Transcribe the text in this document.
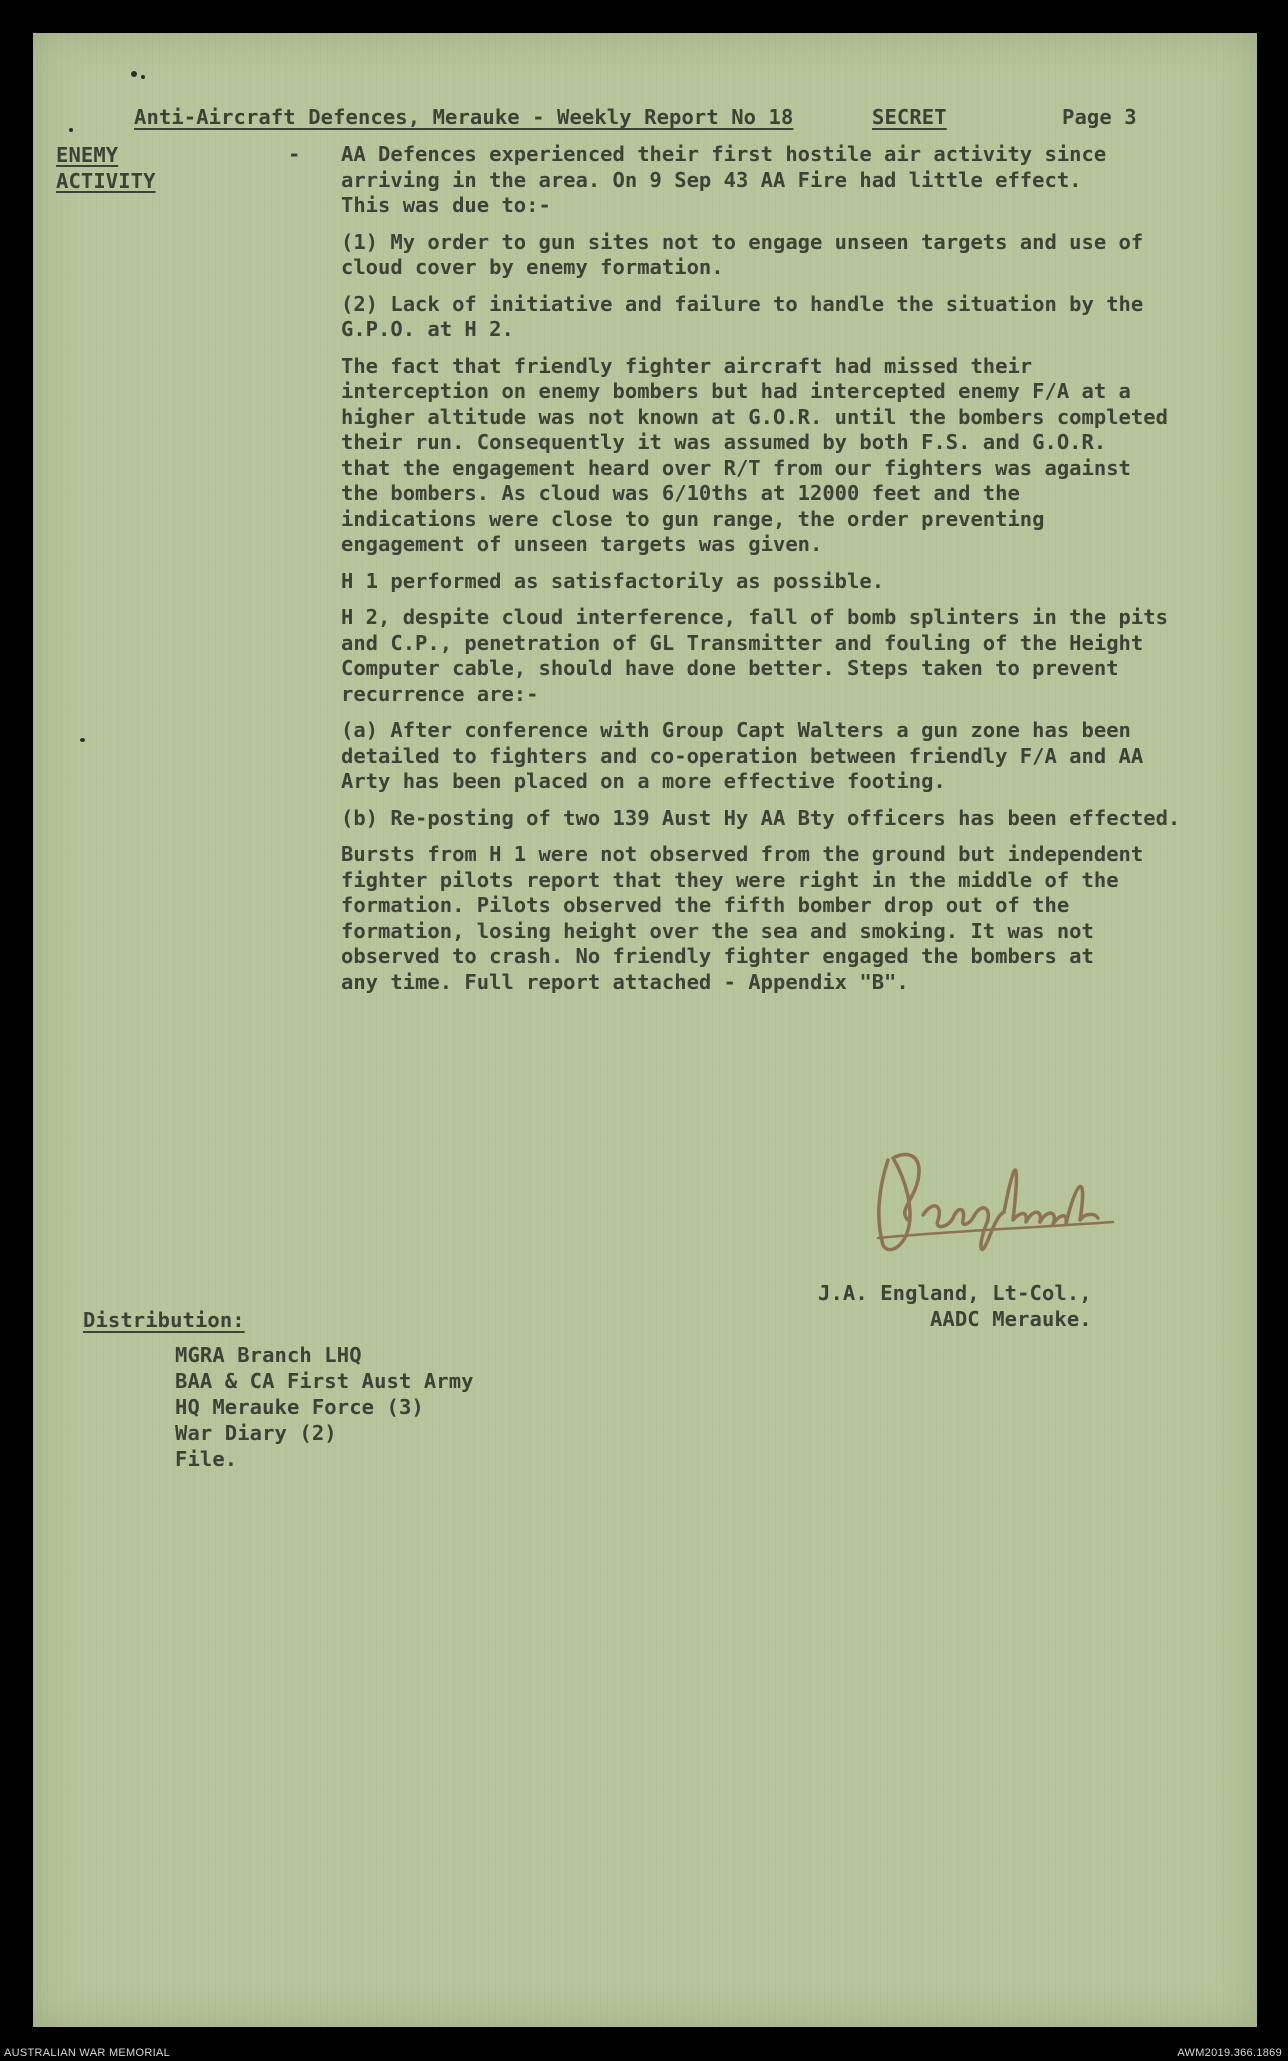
Anti-Aircraft Defences, Merauke - Weekly Report No 18	SECRET	Page 3
ENEMY
ACTIVITY
- AA Defences experienced their first hostile air activity since
arriving in the area. On 9 Sep 43 AA Fire had little effect.
This was due to:-
(1) My order to gun sites not to engage unseen targets and use of
cloud cover by enemy formation.
(2) Lack of initiative and failure to handle the situation by the
G.P.O. at H 2.
The fact that friendly fighter aircraft had missed their
interception on enemy bombers but had intercepted enemy F/A at a
higher altitude was not known at G.O.R. until the bombers completed
their run. Consequently it was assumed by both F.S. and G.O.R.
that the engagement heard over R/T from our fighters was against
the bombers. As cloud was 6/10ths at 12000 feet and the
indications were close to gun range, the order preventing
engagement of unseen targets was given.
H 1 performed as satisfactorily as possible.
H 2, despite cloud interference, fall of bomb splinters in the pits
and C.P., penetration of GL Transmitter and fouling of the Height
Computer cable, should have done better. Steps taken to prevent
recurrence are:-
(a) After conference with Group Capt Walters a gun zone has been
detailed to fighters and co-operation between friendly F/A and AA
Arty has been placed on a more effective footing.
(b) Re-posting of two 139 Aust Hy AA Bty officers has been effected.
Bursts from H 1 were not observed from the ground but independent
fighter pilots report that they were right in the middle of the
formation. Pilots observed the fifth bomber drop out of the
formation, losing height over the sea and smoking. It was not
observed to crash. No friendly fighter engaged the bombers at
any time. Full report attached - Appendix "B".
J.A. England, Lt-Col.,
AADC Merauke.
Distribution:
MGRA Branch LHQ
BAA & CA First Aust Army
HQ Merauke Force (3)
War Diary (2)
File.
AUSTRALIAN WAR MEMORIAL	AWM2019.366.1869
